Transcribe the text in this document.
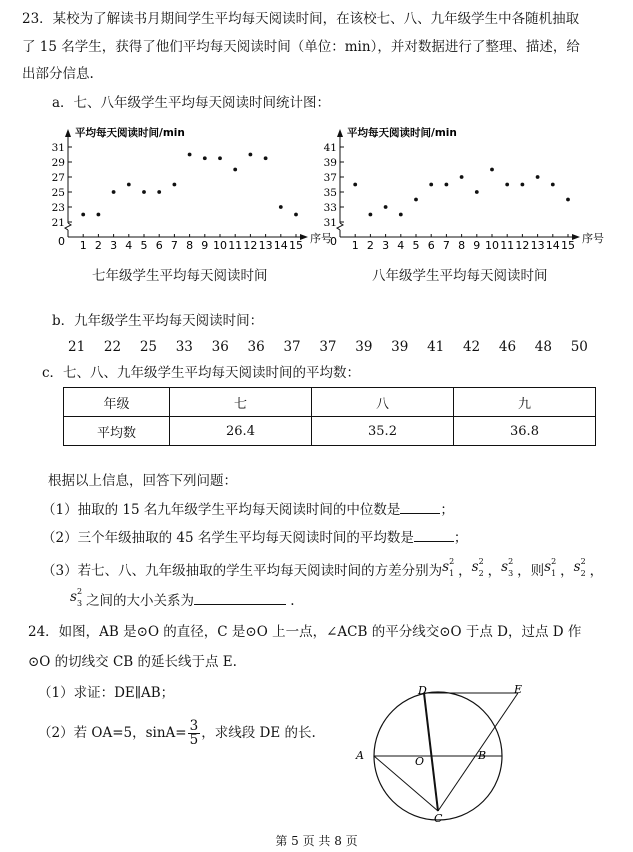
23．某校为了解读书月期间学生平均每天阅读时间，在该校七、八、九年级学生中各随机抽取
了 15 名学生，获得了他们平均每天阅读时间（单位：min），并对数据进行了整理、描述，给
出部分信息.
a．七、八年级学生平均每天阅读时间统计图：
平均每天阅读时间/min
序号
0
21
23
25
27
29
31
1 2 3 4 5 6 7 8 9 10 11 12 13 14 15
平均每天阅读时间/min
序号
0
31
33
35
37
39
41
1 2 3 4 5 6 7 8 9 10 11 12 13 14 15
七年级学生平均每天阅读时间	八年级学生平均每天阅读时间
b．九年级学生平均每天阅读时间：
21 22 25 33 36 36 37 37 39 39 41 42 46 48 50
c．七、八、九年级学生平均每天阅读时间的平均数：
年级	七	八	九
平均数	26.4	35.2	36.8
根据以上信息，回答下列问题：
（1）抽取的 15 名九年级学生平均每天阅读时间的中位数是	；
（2）三个年级抽取的 45 名学生平均每天阅读时间的平均数是	；
（3）若七、八、九年级抽取的学生平均每天阅读时间的方差分别为 s 2
1 ， s 2
2 ， s 2
3 ，则 s 2
1 ， s 2
2 ，
s 2
3 之间的大小关系为	.
24．如图，AB 是⊙O 的直径，C 是⊙O 上一点，∠ACB 的平分线交⊙O 于点 D，过点 D 作
⊙O 的切线交 CB 的延长线于点 E.
（1）求证：DE∥AB；
（2）若 OA=5，$\sin A= \frac{3}{5}$ ，求线段 DE 的长.
D	E
A	O	B
C
第 5 页 共 8 页
